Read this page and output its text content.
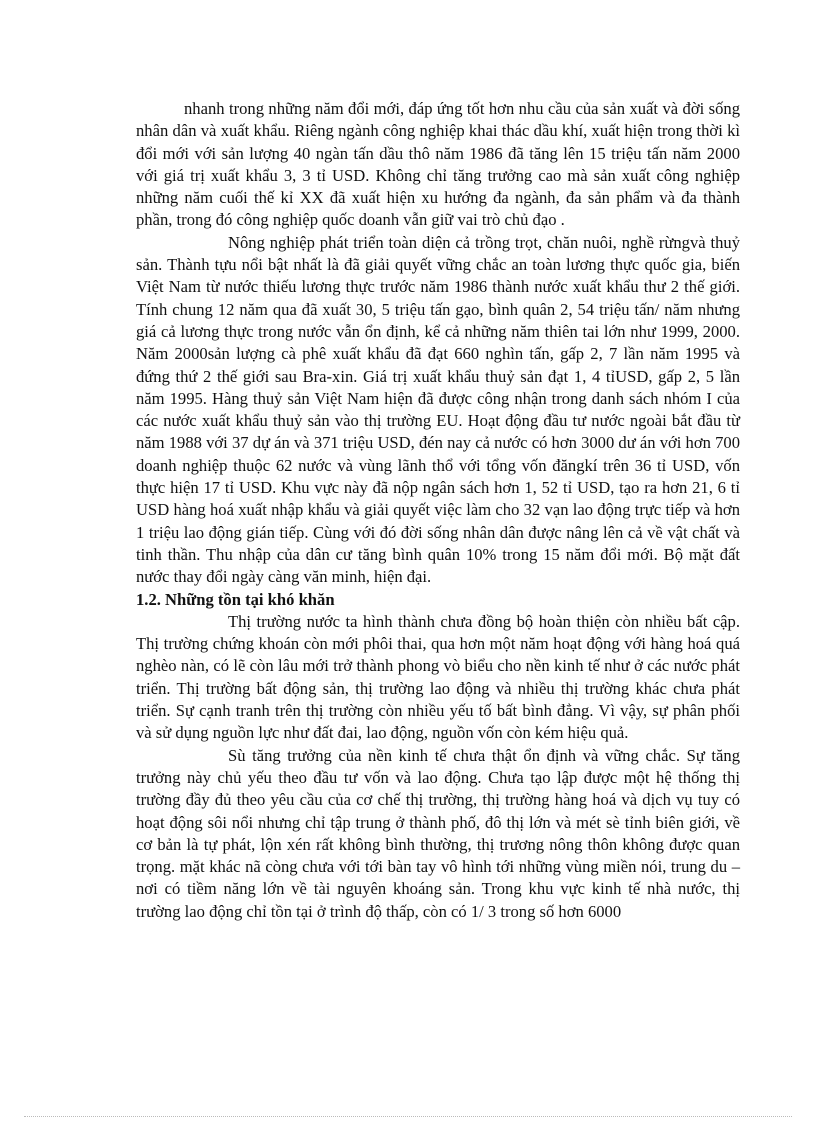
nhanh trong những năm đổi mới, đáp ứng tốt hơn nhu cầu của sản xuất và đời sống nhân dân và xuất khẩu. Riêng ngành công nghiệp khai thác dầu khí, xuất hiện trong thời kì đổi mới với sản lượng 40 ngàn tấn dầu thô năm 1986 đã tăng lên 15 triệu tấn năm 2000 với giá trị xuất khẩu 3, 3 tỉ USD. Không chỉ tăng trưởng cao mà sản xuất công nghiệp những năm cuối thế kỉ XX đã xuất hiện xu hướng đa ngành, đa sản phẩm và đa thành phần, trong đó công nghiệp quốc doanh vẫn giữ vai trò chủ đạo .

Nông nghiệp phát triển toàn diện cả trồng trọt, chăn nuôi, nghề rừngvà thuỷ sản. Thành tựu nổi bật nhất là đã giải quyết vững chắc an toàn lương thực quốc gia, biến Việt Nam từ nước thiếu lương thực trước năm 1986 thành nước xuất khẩu thư 2 thế giới. Tính chung 12 năm qua đã xuất 30, 5 triệu tấn gạo, bình quân 2, 54 triệu tấn/ năm nhưng giá cả lương thực trong nước vẫn ổn định, kể cả những năm thiên tai lớn như 1999, 2000. Năm 2000sản lượng cà phê xuất khẩu đã đạt 660 nghìn tấn, gấp 2, 7 lần năm 1995 và đứng thứ 2 thế giới sau Bra-xin. Giá trị xuất khẩu thuỷ sản đạt 1, 4 tỉUSD, gấp 2, 5 lần năm 1995. Hàng thuỷ sản Việt Nam hiện đã được công nhận trong danh sách nhóm I của các nước xuất khẩu thuỷ sản vào thị trường EU. Hoạt động đầu tư nước ngoài bắt đầu từ năm 1988 với 37 dự án và 371 triệu USD, đén nay cả nước có hơn 3000 dư án với hơn 700 doanh nghiệp thuộc 62 nước và vùng lãnh thổ với tổng vốn đăngkí trên 36 tỉ USD, vốn thực hiện 17 tỉ USD. Khu vực này đã nộp ngân sách hơn 1, 52 tỉ USD, tạo ra hơn 21, 6 tỉ USD hàng hoá xuất nhập khẩu và giải quyết việc làm cho 32 vạn lao động trực tiếp và hơn 1 triệu lao động gián tiếp. Cùng với đó đời sống nhân dân được nâng lên cả về vật chất và tinh thần. Thu nhập của dân cư tăng bình quân 10% trong 15 năm đổi mới. Bộ mặt đất nước thay đổi ngày càng văn minh, hiện đại.

1.2. Những tồn tại khó khăn

Thị trường nước ta hình thành chưa đồng bộ hoàn thiện còn nhiều bất cập. Thị trường chứng khoán còn mới phôi thai, qua hơn một năm hoạt động với hàng hoá quá nghèo nàn, có lẽ còn lâu mới trở thành phong vò biểu cho nền kinh tế như ở các nước phát triển. Thị trường bất động sản, thị trường lao động và nhiều thị trường khác chưa phát triển. Sự cạnh tranh trên thị trường còn nhiều yếu tố bất bình đẳng. Vì vậy, sự phân phối và sử dụng nguồn lực như đất đai, lao động, nguồn vốn còn kém hiệu quả.

Sù tăng trưởng của nền kinh tế chưa thật ổn định và vững chắc. Sự tăng trưởng này chủ yếu theo đầu tư vốn và lao động. Chưa tạo lập được một hệ thống thị trường đầy đủ theo yêu cầu của cơ chế thị trường, thị trường hàng hoá và dịch vụ tuy có hoạt động sôi nổi nhưng chỉ tập trung ở thành phố, đô thị lớn và mét sè tỉnh biên giới, về cơ bản là tự phát, lộn xén rất không bình thường, thị trương nông thôn không được quan trọng. mặt khác nã còng chưa với tới bàn tay vô hình tới những vùng miền nói, trung du – nơi có tiềm năng lớn về tài nguyên khoáng sản. Trong khu vực kinh tế nhà nước, thị trường lao động chỉ tồn tại ở trình độ thấp, còn có 1/ 3 trong số hơn 6000
